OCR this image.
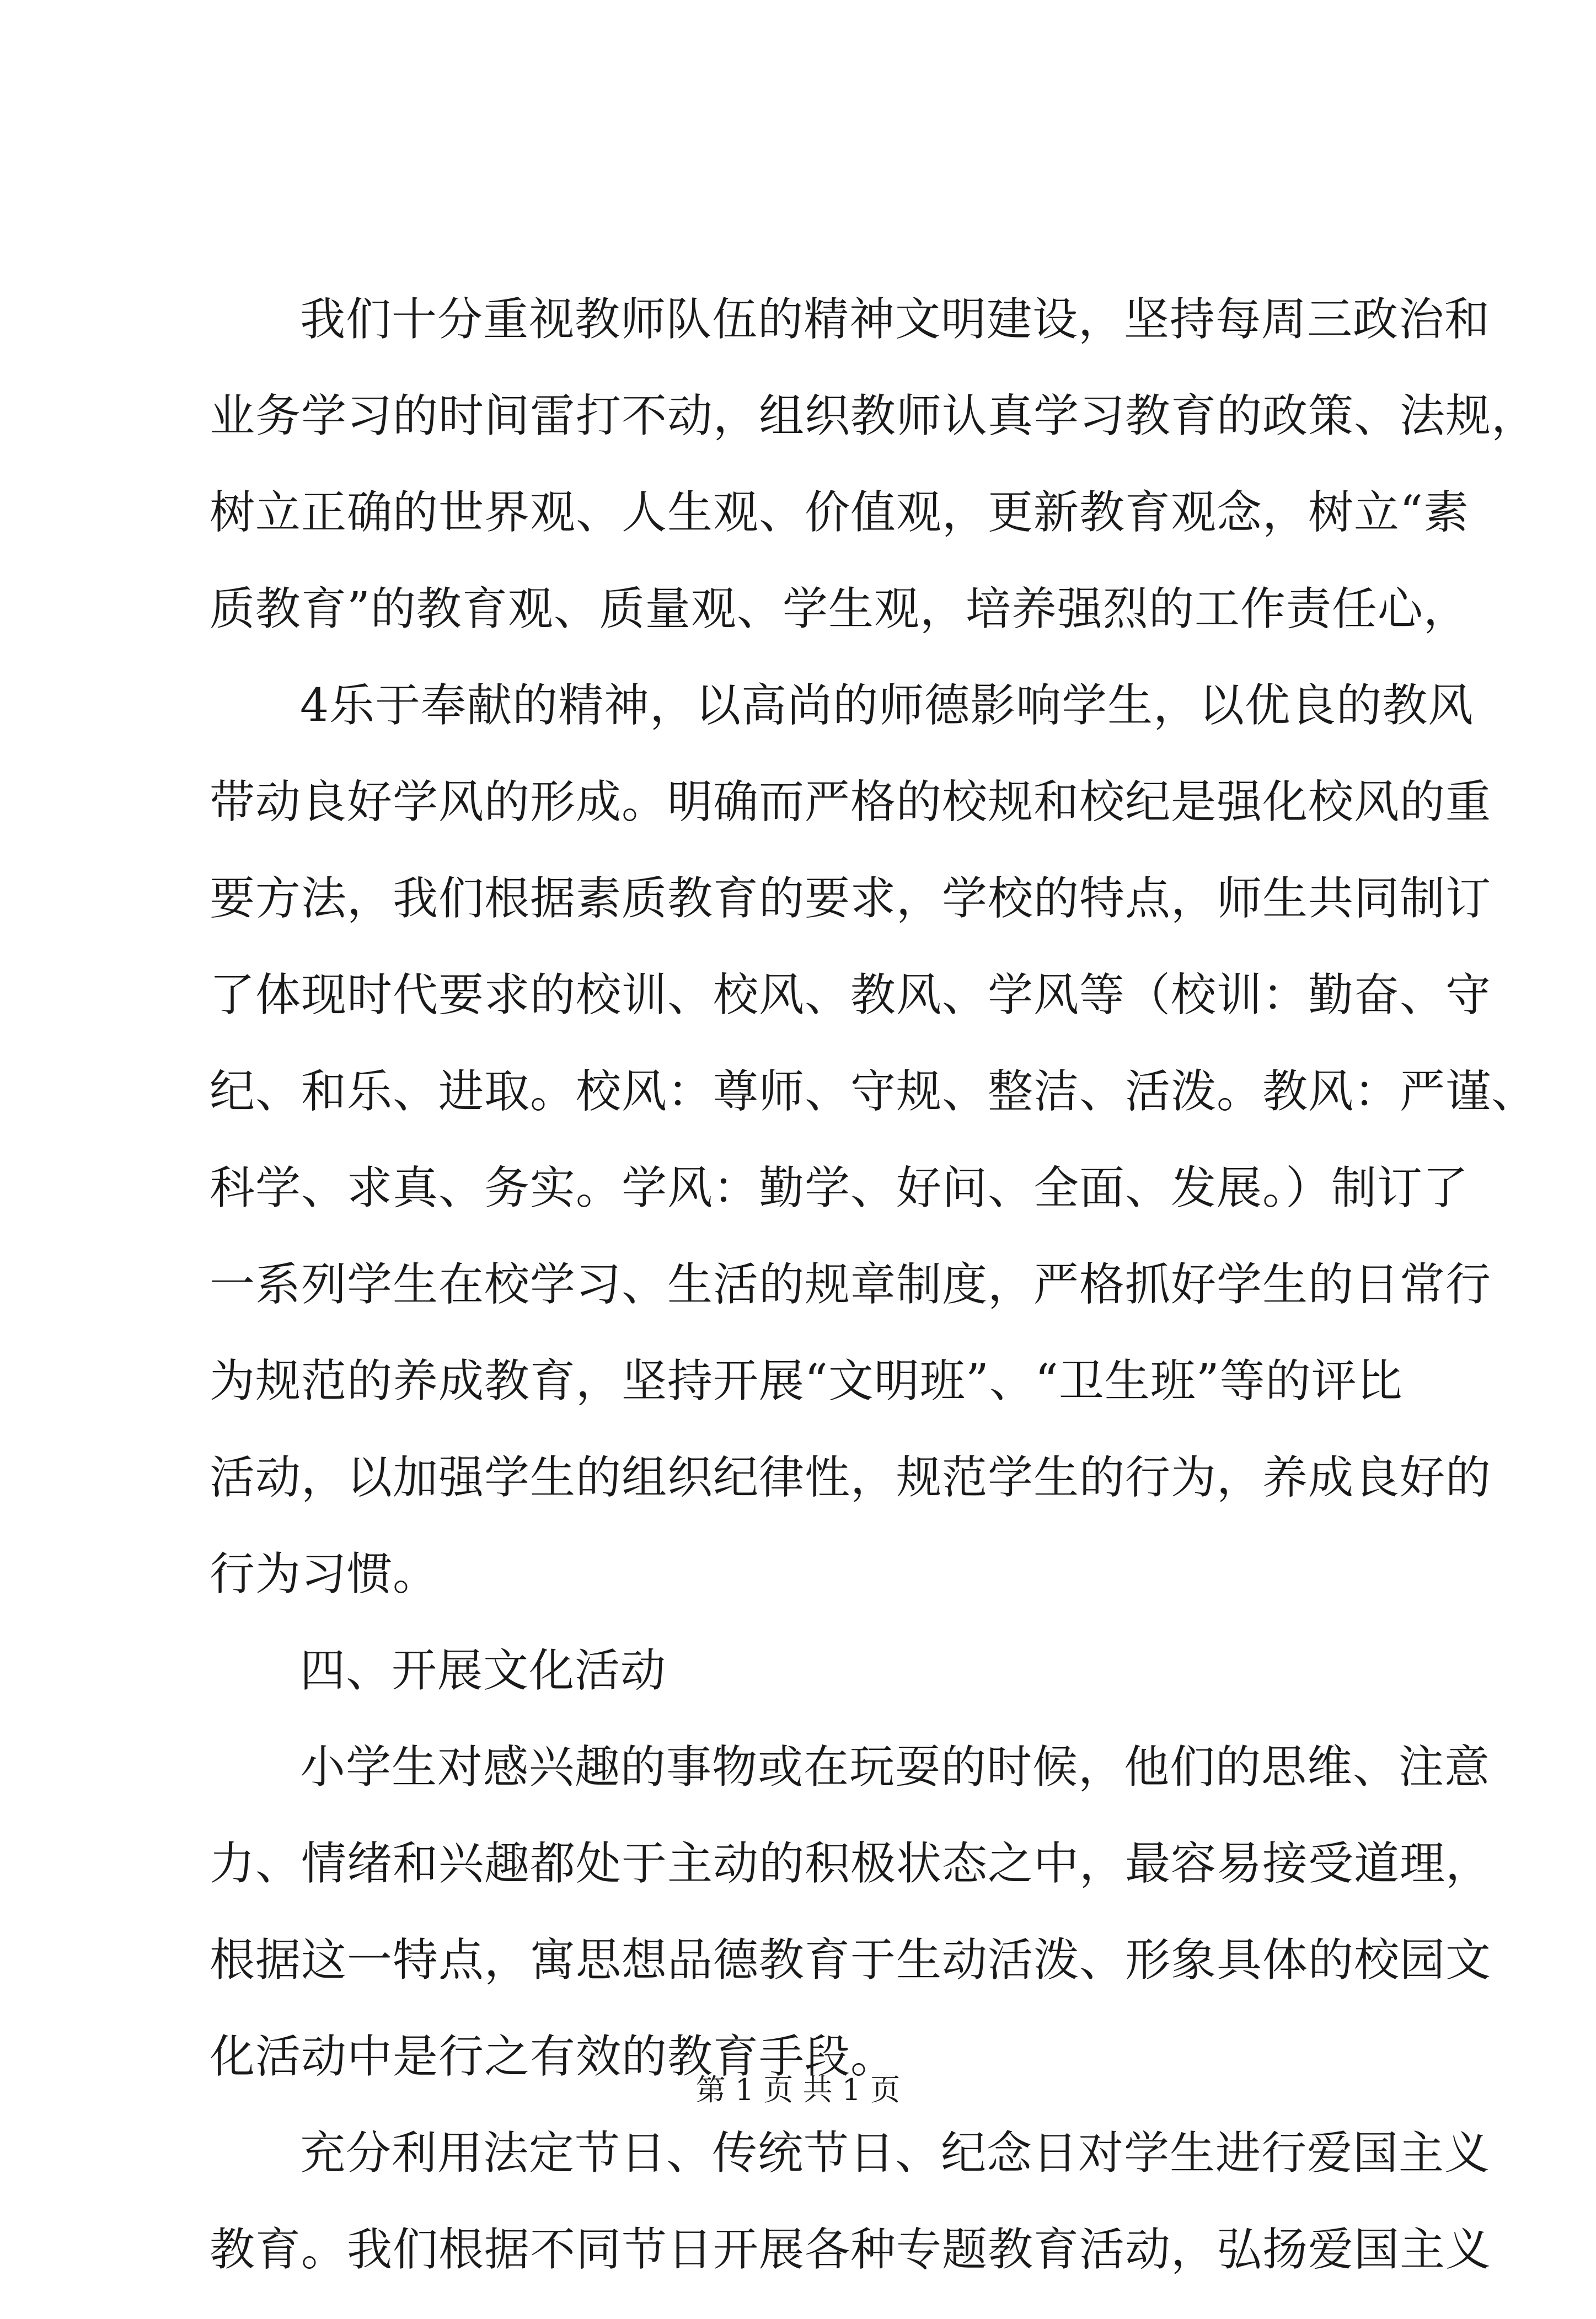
我们十分重视教师队伍的精神文明建设，坚持每周三政治和
业务学习的时间雷打不动，组织教师认真学习教育的政策、法规，
树立正确的世界观、人生观、价值观，更新教育观念，树立“素
质教育”的教育观、质量观、学生观，培养强烈的工作责任心，
4乐于奉献的精神，以高尚的师德影响学生，以优良的教风
带动良好学风的形成。明确而严格的校规和校纪是强化校风的重
要方法，我们根据素质教育的要求，学校的特点，师生共同制订
了体现时代要求的校训、校风、教风、学风等（校训：勤奋、守
纪、和乐、进取。校风：尊师、守规、整洁、活泼。教风：严谨、
科学、求真、务实。学风：勤学、好问、全面、发展。）制订了
一系列学生在校学习、生活的规章制度，严格抓好学生的日常行
为规范的养成教育，坚持开展“文明班”、“卫生班”等的评比
活动，以加强学生的组织纪律性，规范学生的行为，养成良好的
行为习惯。
四、开展文化活动
小学生对感兴趣的事物或在玩耍的时候，他们的思维、注意
力、情绪和兴趣都处于主动的积极状态之中，最容易接受道理，
根据这一特点，寓思想品德教育于生动活泼、形象具体的校园文
化活动中是行之有效的教育手段。
充分利用法定节日、传统节日、纪念日对学生进行爱国主义
教育。我们根据不同节日开展各种专题教育活动，弘扬爱国主义
第 1 页 共 1 页
